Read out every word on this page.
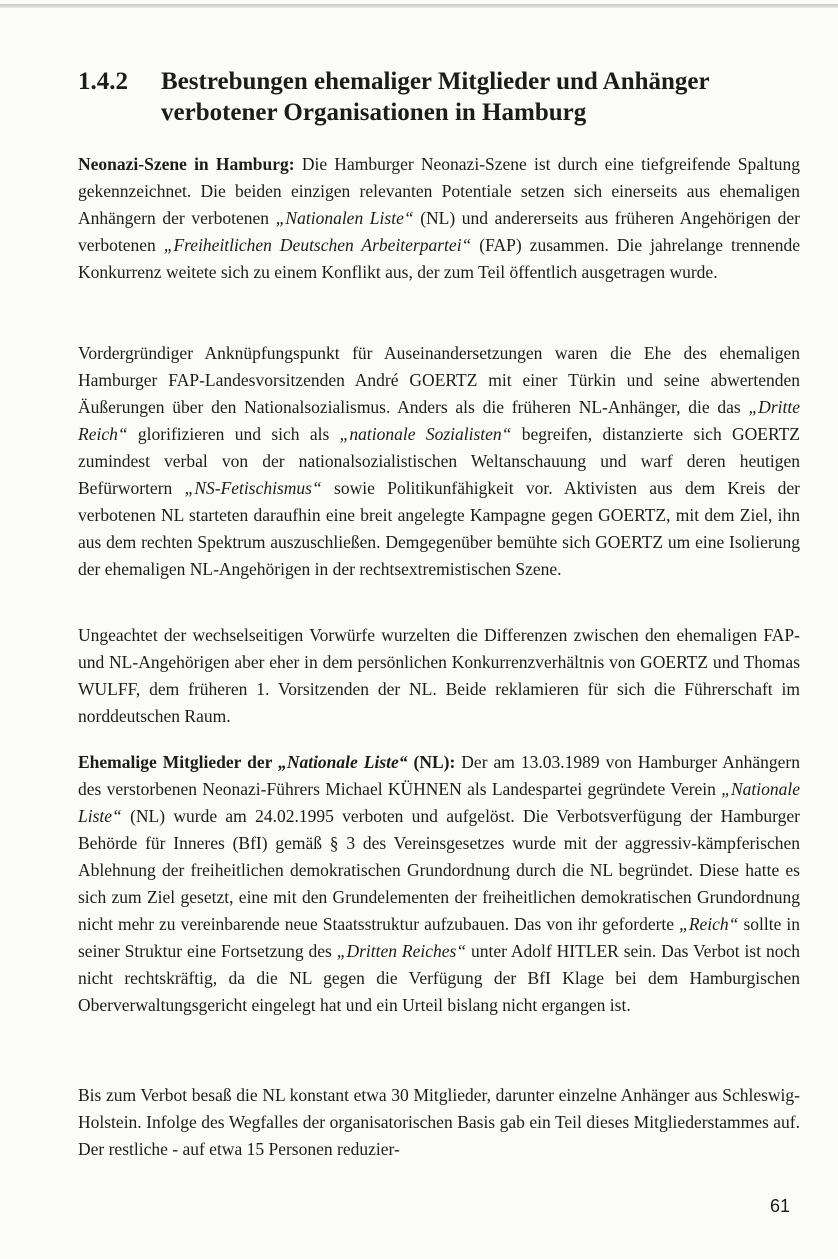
1.4.2 Bestrebungen ehemaliger Mitglieder und Anhänger verbotener Organisationen in Hamburg
Neonazi-Szene in Hamburg: Die Hamburger Neonazi-Szene ist durch eine tiefgreifende Spaltung gekennzeichnet. Die beiden einzigen relevanten Potentiale setzen sich einerseits aus ehemaligen Anhängern der verbotenen „Nationalen Liste“ (NL) und andererseits aus früheren Angehörigen der verbotenen „Freiheitlichen Deutschen Arbeiterpartei“ (FAP) zusammen. Die jahrelange trennende Konkurrenz weitete sich zu einem Konflikt aus, der zum Teil öffentlich ausgetragen wurde.
Vordergründiger Anknüpfungspunkt für Auseinandersetzungen waren die Ehe des ehemaligen Hamburger FAP-Landesvorsitzenden André GOERTZ mit einer Türkin und seine abwertenden Äußerungen über den Nationalsozialismus. Anders als die früheren NL-Anhänger, die das „Dritte Reich“ glorifizieren und sich als „nationale Sozialisten“ begreifen, distanzierte sich GOERTZ zumindest verbal von der nationalsozialistischen Weltanschauung und warf deren heutigen Befürwortern „NS-Fetischismus“ sowie Politikunfähigkeit vor. Aktivisten aus dem Kreis der verbotenen NL starteten daraufhin eine breit angelegte Kampagne gegen GOERTZ, mit dem Ziel, ihn aus dem rechten Spektrum auszuschließen. Demgegenüber bemühte sich GOERTZ um eine Isolierung der ehemaligen NL-Angehörigen in der rechtsextremistischen Szene.
Ungeachtet der wechselseitigen Vorwürfe wurzelten die Differenzen zwischen den ehemaligen FAP- und NL-Angehörigen aber eher in dem persönlichen Konkurrenzverhältnis von GOERTZ und Thomas WULFF, dem früheren 1. Vorsitzenden der NL. Beide reklamieren für sich die Führerschaft im norddeutschen Raum.
Ehemalige Mitglieder der „Nationale Liste“ (NL): Der am 13.03.1989 von Hamburger Anhängern des verstorbenen Neonazi-Führers Michael KÜHNEN als Landespartei gegründete Verein „Nationale Liste“ (NL) wurde am 24.02.1995 verboten und aufgelöst. Die Verbotsverfügung der Hamburger Behörde für Inneres (BfI) gemäß § 3 des Vereinsgesetzes wurde mit der aggressiv-kämpferischen Ablehnung der freiheitlichen demokratischen Grundordnung durch die NL begründet. Diese hatte es sich zum Ziel gesetzt, eine mit den Grundelementen der freiheitlichen demokratischen Grundordnung nicht mehr zu vereinbarende neue Staatsstruktur aufzubauen. Das von ihr geforderte „Reich“ sollte in seiner Struktur eine Fortsetzung des „Dritten Reiches“ unter Adolf HITLER sein. Das Verbot ist noch nicht rechtskräftig, da die NL gegen die Verfügung der BfI Klage bei dem Hamburgischen Oberverwaltungsgericht eingelegt hat und ein Urteil bislang nicht ergangen ist.
Bis zum Verbot besaß die NL konstant etwa 30 Mitglieder, darunter einzelne Anhänger aus Schleswig-Holstein. Infolge des Wegfalles der organisatorischen Basis gab ein Teil dieses Mitgliederstammes auf. Der restliche - auf etwa 15 Personen reduzier-
61
